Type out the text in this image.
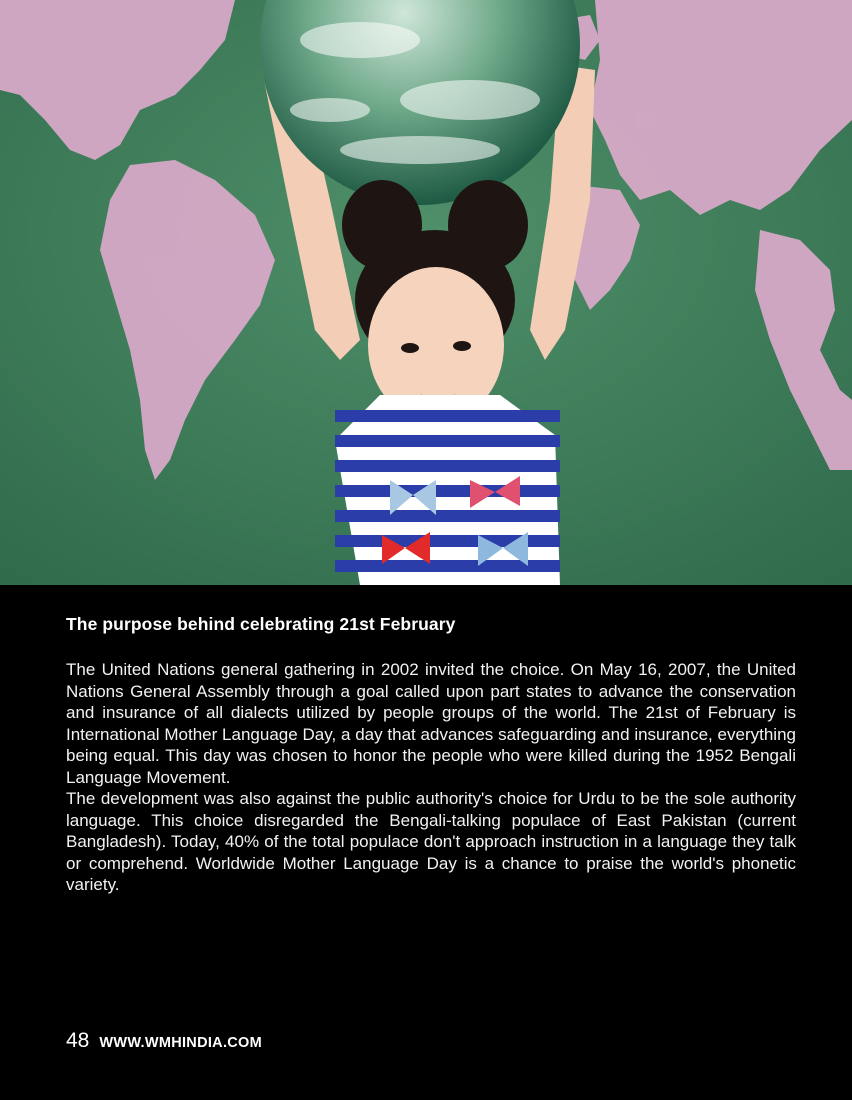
The purpose behind celebrating 21st February

The United Nations general gathering in 2002 invited the choice. On May 16, 2007, the United Nations General Assembly through a goal called upon part states to advance the conservation and insurance of all dialects utilized by people groups of the world. The 21st of February is International Mother Language Day, a day that advances safeguarding and insurance, everything being equal. This day was chosen to honor the people who were killed during the 1952 Bengali Language Movement.

The development was also against the public authority's choice for Urdu to be the sole authority language. This choice disregarded the Bengali-talking populace of East Pakistan (current Bangladesh). Today, 40% of the total populace don't approach instruction in a language they talk or comprehend. Worldwide Mother Language Day is a chance to praise the world's phonetic variety.

48 WWW.WMHINDIA.COM
